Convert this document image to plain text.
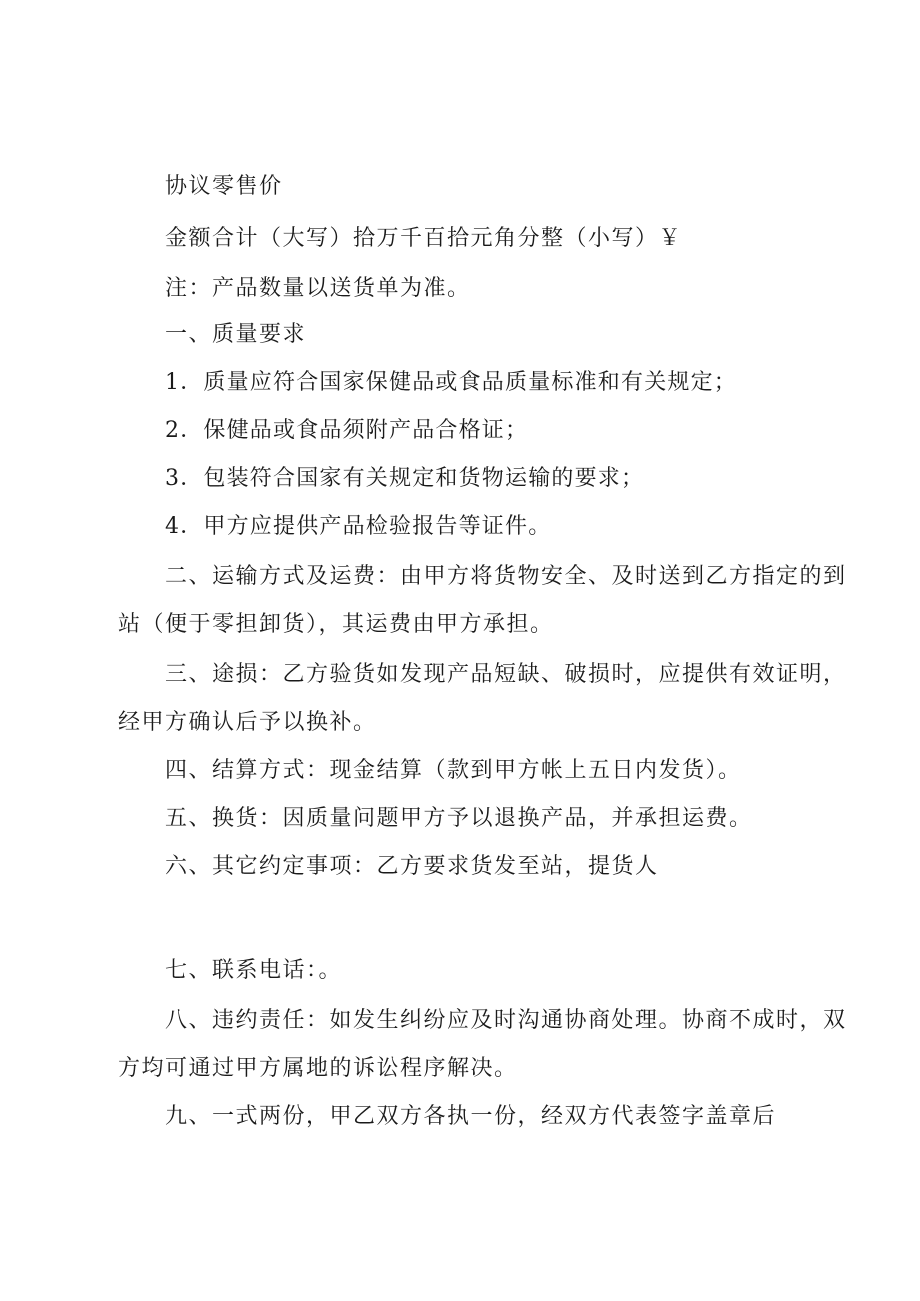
协议零售价
金额合计（大写）拾万千百拾元角分整（小写）￥
注：产品数量以送货单为准。
一、质量要求
1．质量应符合国家保健品或食品质量标准和有关规定；
2．保健品或食品须附产品合格证；
3．包装符合国家有关规定和货物运输的要求；
4．甲方应提供产品检验报告等证件。
二、运输方式及运费：由甲方将货物安全、及时送到乙方指定的到
站（便于零担卸货），其运费由甲方承担。
三、途损：乙方验货如发现产品短缺、破损时，应提供有效证明，
经甲方确认后予以换补。
四、结算方式：现金结算（款到甲方帐上五日内发货）。
五、换货：因质量问题甲方予以退换产品，并承担运费。
六、其它约定事项：乙方要求货发至站，提货人
七、联系电话：。
八、违约责任：如发生纠纷应及时沟通协商处理。协商不成时，双
方均可通过甲方属地的诉讼程序解决。
九、一式两份，甲乙双方各执一份，经双方代表签字盖章后
